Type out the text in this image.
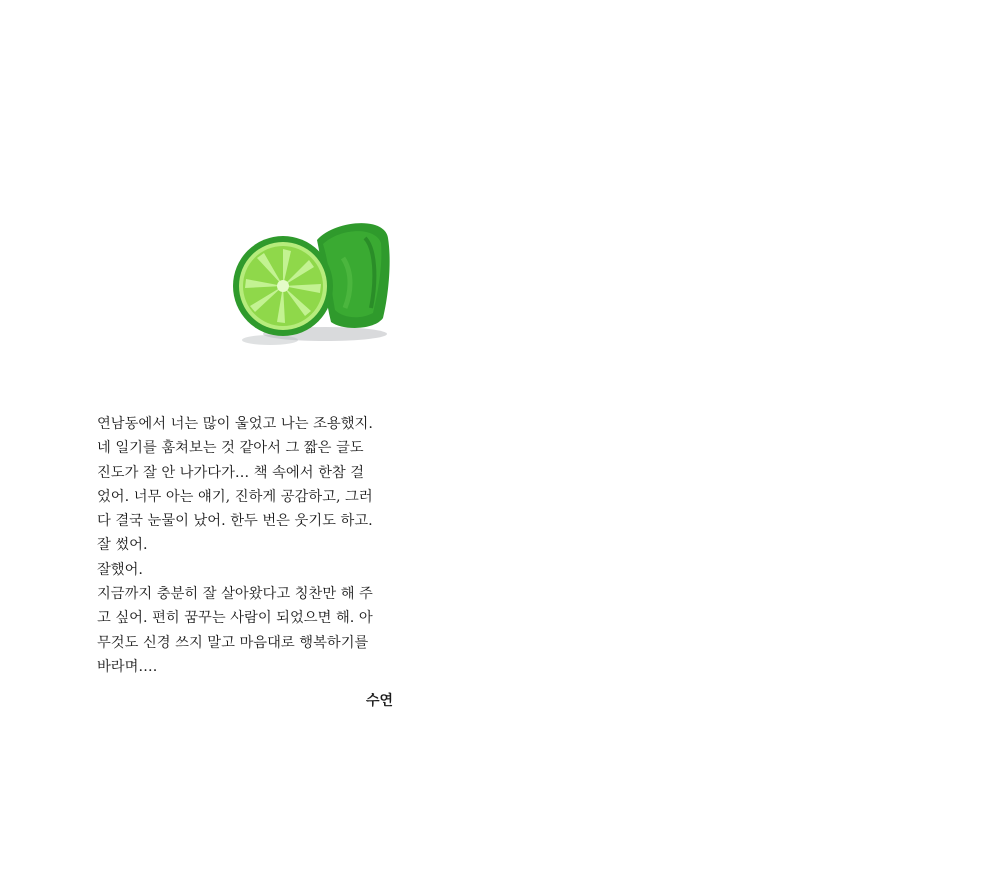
연남동에서 너는 많이 울었고 나는 조용했지.

네 일기를 훔쳐보는 것 같아서 그 짧은 글도

진도가 잘 안 나가다가… 책 속에서 한참 걸

었어. 너무 아는 얘기, 진하게 공감하고, 그러

다 결국 눈물이 났어. 한두 번은 웃기도 하고.

잘 썼어.

잘했어.

지금까지 충분히 잘 살아왔다고 칭찬만 해 주

고 싶어. 편히 꿈꾸는 사람이 되었으면 해. 아

무것도 신경 쓰지 말고 마음대로 행복하기를

바라며….

수연
